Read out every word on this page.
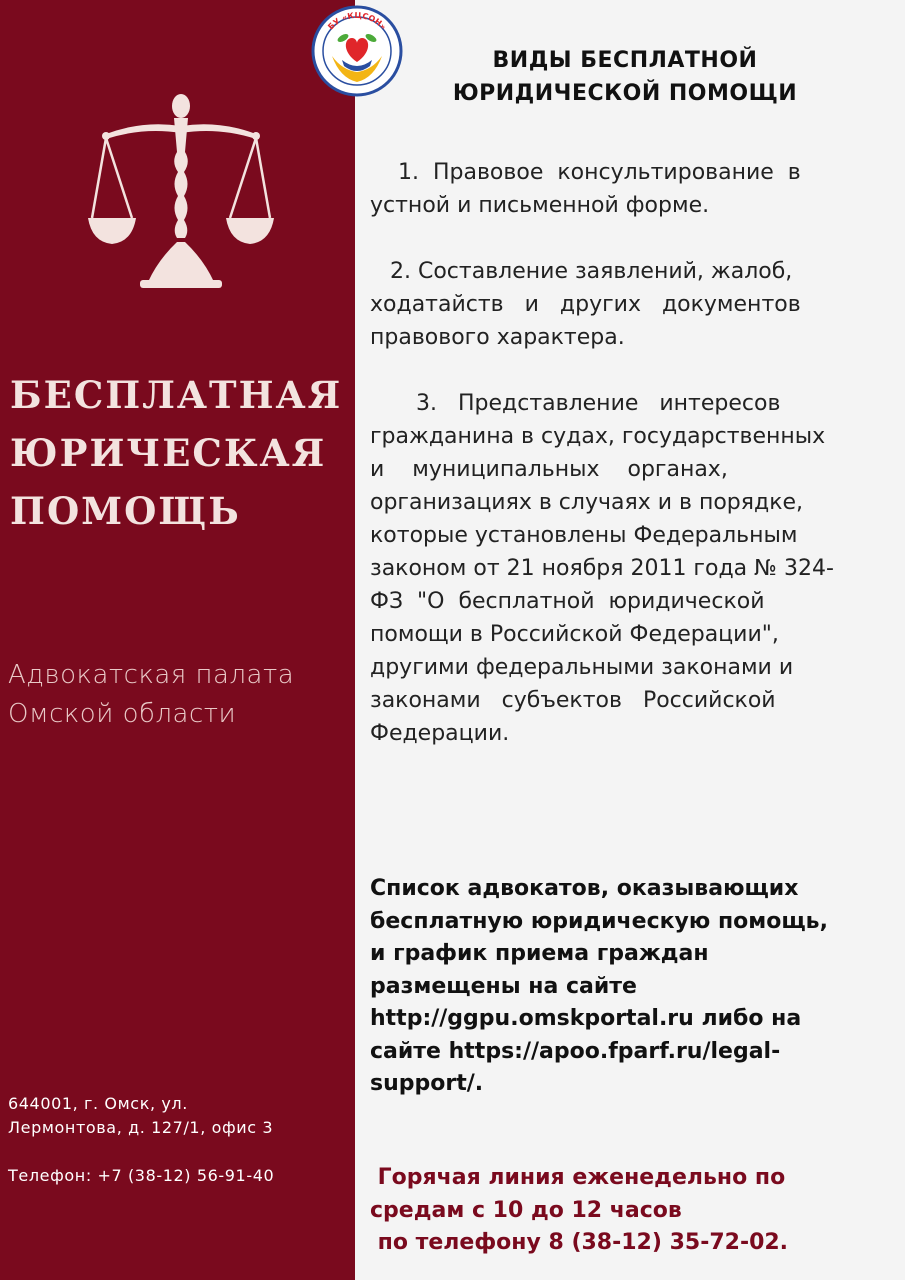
БЕСПЛАТНАЯ
ЮРИЧЕСКАЯ
ПОМОЩЬ
Адвокатская палата
Омской области
644001, г. Омск, ул.
Лермонтова, д. 127/1, офис 3
Телефон: +7 (38-12) 56-91-40
БУ «КЦСОН»
ВИДЫ БЕСПЛАТНОЙ
ЮРИДИЧЕСКОЙ ПОМОЩИ
1.  Правовое  консультирование  в
устной и письменной форме.
2. Составление заявлений, жалоб,
ходатайств   и   других   документов
правового характера.
3.   Представление   интересов
гражданина в судах, государственных
и    муниципальных    органах,
организациях в случаях и в порядке,
которые установлены Федеральным
законом от 21 ноября 2011 года № 324-
ФЗ  "О  бесплатной  юридической
помощи в Российской Федерации",
другими федеральными законами и
законами   субъектов   Российской
Федерации.
Список адвокатов, оказывающих
бесплатную юридическую помощь,
и график приема граждан
размещены на сайте
http://ggpu.omskportal.ru либо на
сайте https://apoo.fparf.ru/legal-
support/.
Горячая линия еженедельно по
средам с 10 до 12 часов
по телефону 8 (38-12) 35-72-02.
